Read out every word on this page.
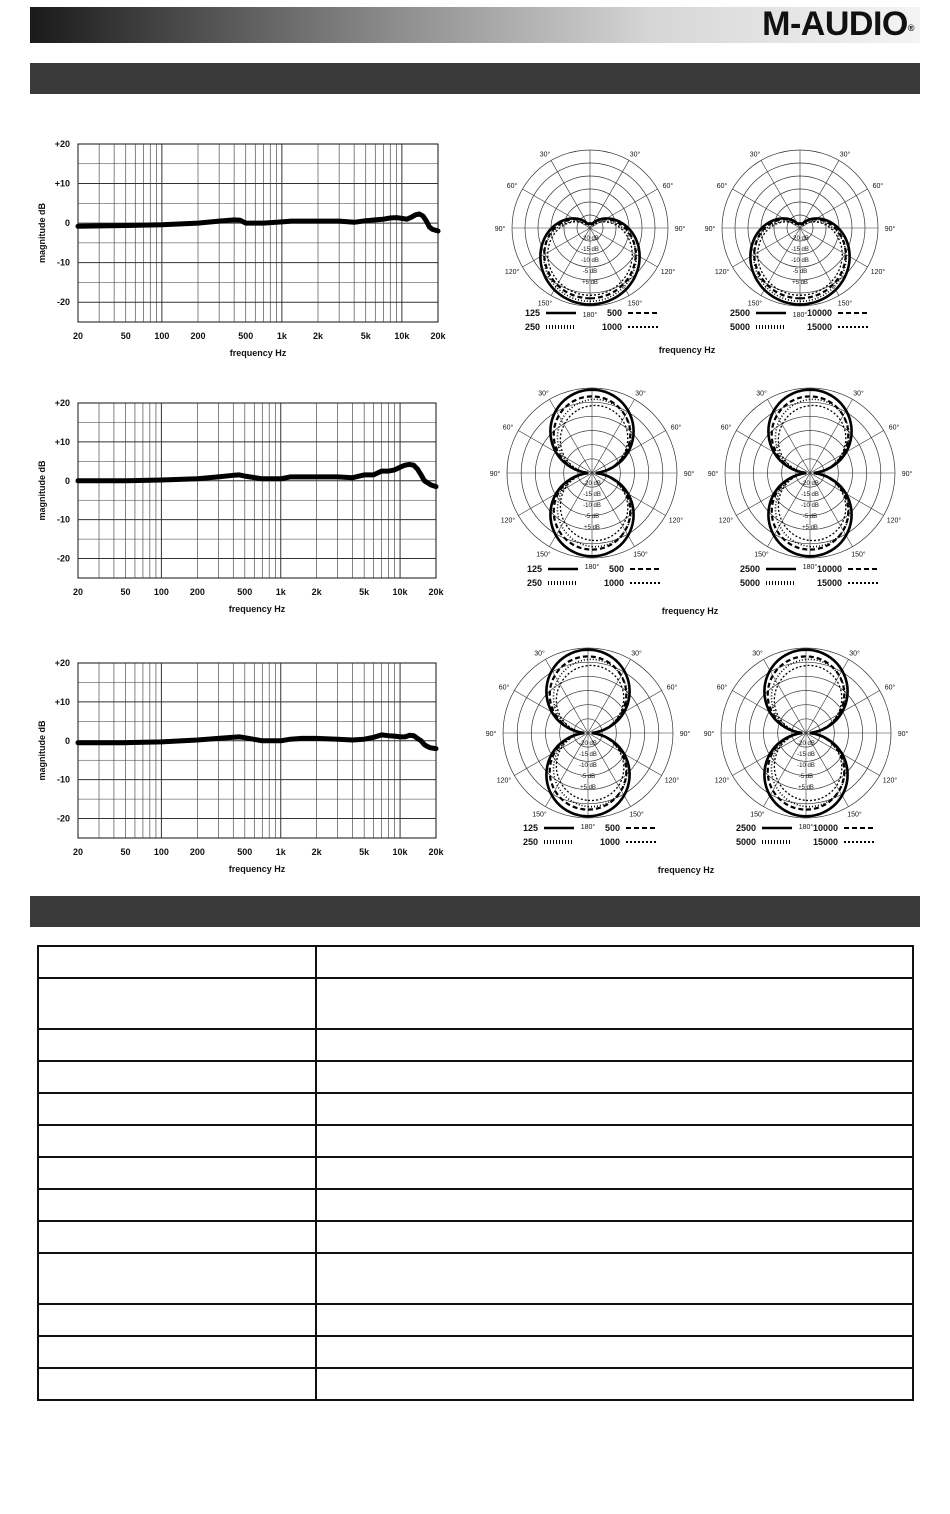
M-AUDIO®
+20
+10
0
-10
-20
20	50	100 200	500	1k	2k	5k	10k 20k
frequency Hz
magnitude dB
+20
+10
0
-10
-20
20	50	100 200	500	1k	2k	5k	10k 20k
frequency Hz
magnitude dB
+20
+10
0
-10
-20
20	50	100 200	500	1k	2k	5k	10k 20k
frequency Hz
magnitude dB
180°
150°
150°
120°
120°
90°
90°
60°
60°
30°
30°
-20 dB
-15 dB
-10 dB
-5 dB
+5 dB
125
250
500
1000
frequency Hz
180°
150°
150°
120°
120°
90°
90°
60°
60°
30°
30°
-20 dB
-15 dB
-10 dB
-5 dB
+5 dB
2500
5000
10000
15000
180°
150°
150°
120°
120°
90°
90°
60°
60°
30°
30°
-20 dB
-15 dB
-10 dB
-5 dB
+5 dB
125
250
500
1000
frequency Hz
180°
150°
150°
120°
120°
90°
90°
60°
60°
30°
30°
-20 dB
-15 dB
-10 dB
-5 dB
+5 dB
2500
5000
10000
15000
180°
150°
150°
120°
120°
90°
90°
60°
60°
30°
30°
-20 dB
-15 dB
-10 dB
-5 dB
+5 dB
125
250
500
1000
frequency Hz
180°
150°
150°
120°
120°
90°
90°
60°
60°
30°
30°
-20 dB
-15 dB
-10 dB
-5 dB
+5 dB
2500
5000
10000
15000
